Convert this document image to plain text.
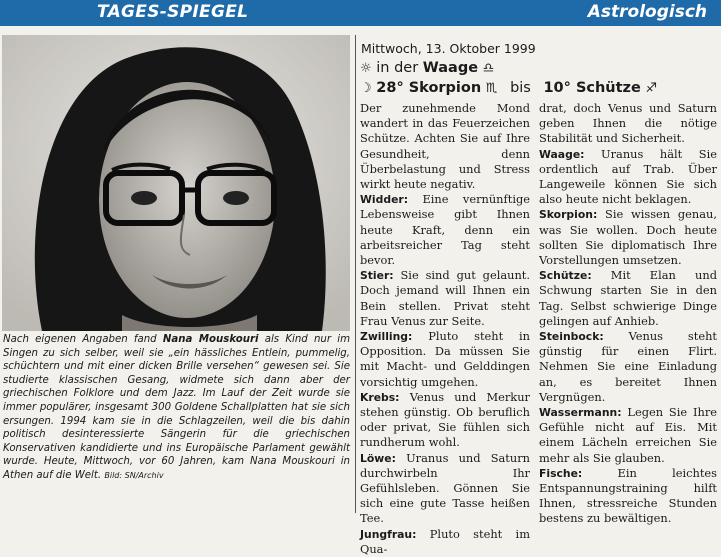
TAGES-SPIEGEL	Astrologisch
Nach eigenen Angaben fand Nana Mouskouri als Kind nur im Singen zu sich selber, weil sie „ein hässliches Entlein, pummelig, schüchtern und mit einer dicken Brille versehen“ gewesen sei. Sie studierte klassischen Gesang, widmete sich dann aber der griechischen Folklore und dem Jazz. Im Lauf der Zeit wurde sie immer populärer, insgesamt 300 Goldene Schallplatten hat sie sich ersungen. 1994 kam sie in die Schlagzeilen, weil die bis dahin politisch desinteressierte Sängerin für die griechischen Konservativen kandidierte und ins Europäische Parlament gewählt wurde. Heute, Mittwoch, vor 60 Jahren, kam Nana Mouskouri in Athen auf die Welt. Bild: SN/Archiv
Mittwoch, 13. Oktober 1999
☼ in der Waage ♎
☽ 28° Skorpion ♏ bis 10° Schütze ♐

Der zunehmende Mond wandert in das Feuerzeichen Schütze. Achten Sie auf Ihre Gesundheit, denn Überbelastung und Stress wirkt heute negativ.

Widder: Eine vernünftige Lebensweise gibt Ihnen heute Kraft, denn ein arbeitsreicher Tag steht bevor.

Stier: Sie sind gut gelaunt. Doch jemand will Ihnen ein Bein stellen. Privat steht Frau Venus zur Seite.

Zwilling: Pluto steht in Opposition. Da müssen Sie mit Macht- und Gelddingen vorsichtig umgehen.

Krebs: Venus und Merkur stehen günstig. Ob beruflich oder privat, Sie fühlen sich rundherum wohl.

Löwe: Uranus und Saturn durchwirbeln Ihr Gefühlsleben. Gönnen Sie sich eine gute Tasse heißen Tee.

Jungfrau: Pluto steht im Qua-

drat, doch Venus und Saturn geben Ihnen die nötige Stabilität und Sicherheit.

Waage: Uranus hält Sie ordentlich auf Trab. Über Langeweile können Sie sich also heute nicht beklagen.

Skorpion: Sie wissen genau, was Sie wollen. Doch heute sollten Sie diplomatisch Ihre Vorstellungen umsetzen.

Schütze: Mit Elan und Schwung starten Sie in den Tag. Selbst schwierige Dinge gelingen auf Anhieb.

Steinbock: Venus steht günstig für einen Flirt. Nehmen Sie eine Einladung an, es bereitet Ihnen Vergnügen.

Wassermann: Legen Sie Ihre Gefühle nicht auf Eis. Mit einem Lächeln erreichen Sie mehr als Sie glauben.

Fische:	Ein leichtes Entspannungstraining hilft Ihnen, stressreiche Stunden bestens zu bewältigen.
